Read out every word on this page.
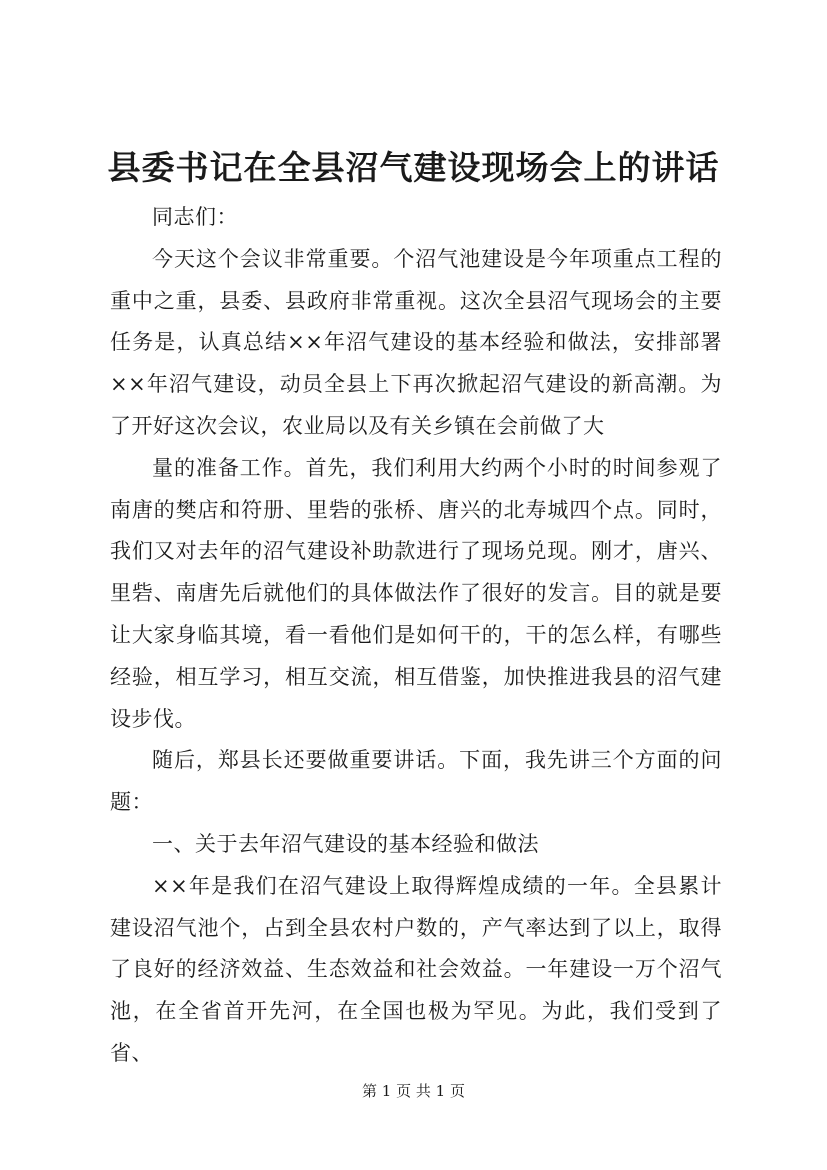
县委书记在全县沼气建设现场会上的讲话

同志们：

今天这个会议非常重要。个沼气池建设是今年项重点工程的重中之重，县委、县政府非常重视。这次全县沼气现场会的主要任务是，认真总结××年沼气建设的基本经验和做法，安排部署××年沼气建设，动员全县上下再次掀起沼气建设的新高潮。为了开好这次会议，农业局以及有关乡镇在会前做了大

量的准备工作。首先，我们利用大约两个小时的时间参观了南唐的樊店和符册、里砦的张桥、唐兴的北寿城四个点。同时，我们又对去年的沼气建设补助款进行了现场兑现。刚才，唐兴、里砦、南唐先后就他们的具体做法作了很好的发言。目的就是要让大家身临其境，看一看他们是如何干的，干的怎么样，有哪些经验，相互学习，相互交流，相互借鉴，加快推进我县的沼气建设步伐。

随后，郑县长还要做重要讲话。下面，我先讲三个方面的问题：

一、关于去年沼气建设的基本经验和做法

××年是我们在沼气建设上取得辉煌成绩的一年。全县累计建设沼气池个，占到全县农村户数的，产气率达到了以上，取得了良好的经济效益、生态效益和社会效益。一年建设一万个沼气池，在全省首开先河，在全国也极为罕见。为此，我们受到了省、

第 1 页 共 1 页
